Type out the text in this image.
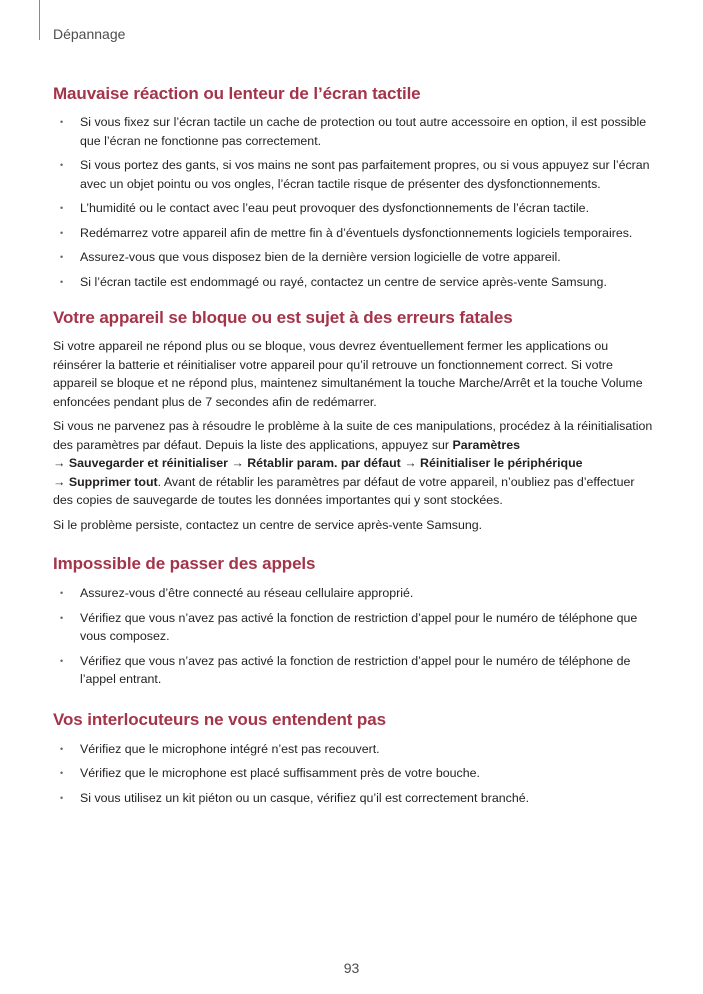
Dépannage
Mauvaise réaction ou lenteur de l’écran tactile
• Si vous fixez sur l’écran tactile un cache de protection ou tout autre accessoire en option, il est possible que l’écran ne fonctionne pas correctement.
• Si vous portez des gants, si vos mains ne sont pas parfaitement propres, ou si vous appuyez sur l’écran avec un objet pointu ou vos ongles, l’écran tactile risque de présenter des dysfonctionnements.
• L’humidité ou le contact avec l’eau peut provoquer des dysfonctionnements de l’écran tactile.
• Redémarrez votre appareil afin de mettre fin à d’éventuels dysfonctionnements logiciels temporaires.
• Assurez-vous que vous disposez bien de la dernière version logicielle de votre appareil.
• Si l’écran tactile est endommagé ou rayé, contactez un centre de service après-vente Samsung.
Votre appareil se bloque ou est sujet à des erreurs fatales

Si votre appareil ne répond plus ou se bloque, vous devrez éventuellement fermer les applications ou réinsérer la batterie et réinitialiser votre appareil pour qu’il retrouve un fonctionnement correct. Si votre appareil se bloque et ne répond plus, maintenez simultanément la touche Marche/Arrêt et la touche Volume enfoncées pendant plus de 7 secondes afin de redémarrer.

Si vous ne parvenez pas à résoudre le problème à la suite de ces manipulations, procédez à la réinitialisation des paramètres par défaut. Depuis la liste des applications, appuyez sur Paramètres
→ Sauvegarder et réinitialiser → Rétablir param. par défaut → Réinitialiser le périphérique
→ Supprimer tout. Avant de rétablir les paramètres par défaut de votre appareil, n’oubliez pas d’effectuer des copies de sauvegarde de toutes les données importantes qui y sont stockées.

Si le problème persiste, contactez un centre de service après-vente Samsung.

Impossible de passer des appels
• Assurez-vous d’être connecté au réseau cellulaire approprié.
• Vérifiez que vous n’avez pas activé la fonction de restriction d’appel pour le numéro de téléphone que vous composez.
• Vérifiez que vous n’avez pas activé la fonction de restriction d’appel pour le numéro de téléphone de l’appel entrant.
Vos interlocuteurs ne vous entendent pas
• Vérifiez que le microphone intégré n’est pas recouvert.
• Vérifiez que le microphone est placé suffisamment près de votre bouche.
• Si vous utilisez un kit piéton ou un casque, vérifiez qu’il est correctement branché.
93
